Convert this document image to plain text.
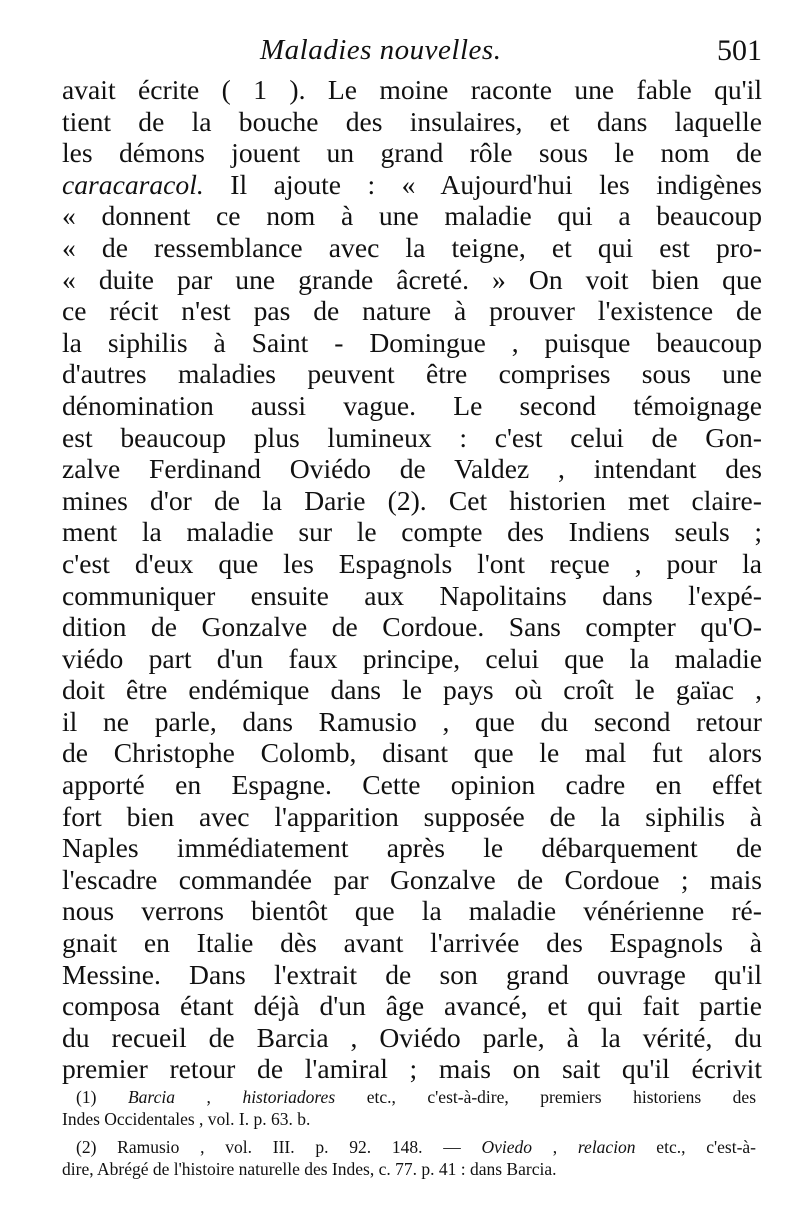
Maladies nouvelles.	501
avait écrite ( 1 ). Le moine raconte une fable qu'il
tient de la bouche des insulaires, et dans laquelle
les démons jouent un grand rôle sous le nom de
caracaracol. Il ajoute : « Aujourd'hui les indigènes
« donnent ce nom à une maladie qui a beaucoup
« de ressemblance avec la teigne, et qui est pro-
« duite par une grande âcreté. » On voit bien que
ce récit n'est pas de nature à prouver l'existence de
la siphilis à Saint - Domingue , puisque beaucoup
d'autres maladies peuvent être comprises sous une
dénomination aussi vague. Le second témoignage
est beaucoup plus lumineux : c'est celui de Gon-
zalve Ferdinand Oviédo de Valdez , intendant des
mines d'or de la Darie (2). Cet historien met claire-
ment la maladie sur le compte des Indiens seuls ;
c'est d'eux que les Espagnols l'ont reçue , pour la
communiquer ensuite aux Napolitains dans l'expé-
dition de Gonzalve de Cordoue. Sans compter qu'O-
viédo part d'un faux principe, celui que la maladie
doit être endémique dans le pays où croît le gaïac ,
il ne parle, dans Ramusio , que du second retour
de Christophe Colomb, disant que le mal fut alors
apporté en Espagne. Cette opinion cadre en effet
fort bien avec l'apparition supposée de la siphilis à
Naples immédiatement après le débarquement de
l'escadre commandée par Gonzalve de Cordoue ; mais
nous verrons bientôt que la maladie vénérienne ré-
gnait en Italie dès avant l'arrivée des Espagnols à
Messine. Dans l'extrait de son grand ouvrage qu'il
composa étant déjà d'un âge avancé, et qui fait partie
du recueil de Barcia , Oviédo parle, à la vérité, du
premier retour de l'amiral ; mais on sait qu'il écrivit
(1) Barcia , historiadores etc., c'est-à-dire, premiers historiens des
Indes Occidentales , vol. I. p. 63. b.
(2) Ramusio , vol. III. p. 92. 148. — Oviedo , relacion etc., c'est-à-
dire, Abrégé de l'histoire naturelle des Indes, c. 77. p. 41 : dans Barcia.
